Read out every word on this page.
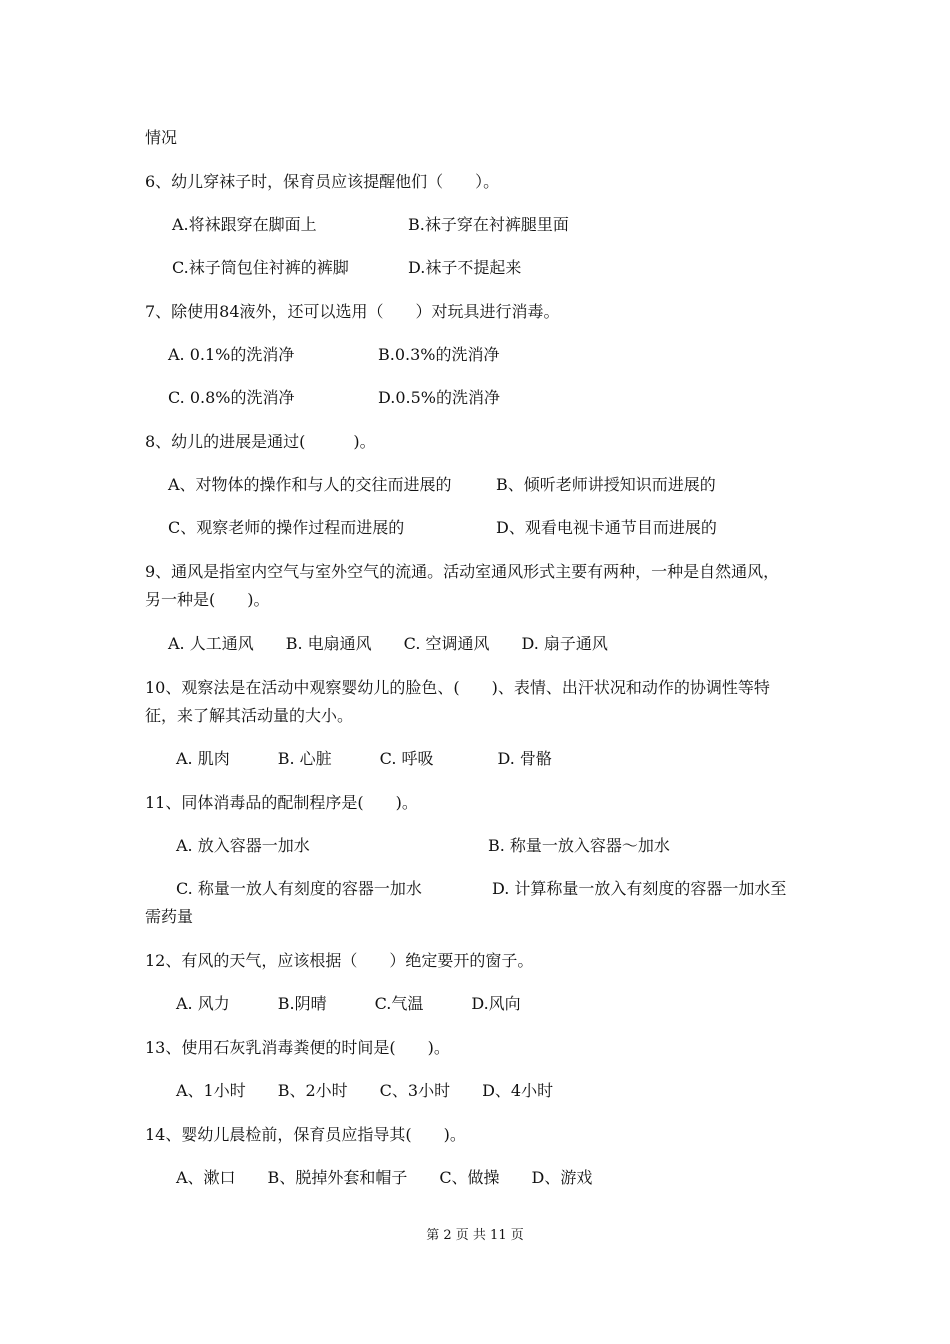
情况
6、幼儿穿袜子时，保育员应该提醒他们（　　）。
A.将袜跟穿在脚面上	B.袜子穿在衬裤腿里面
C.袜子筒包住衬裤的裤脚	D.袜子不提起来
7、除使用84液外，还可以选用（　　）对玩具进行消毒。
A. 0.1%的洗消净	B.0.3%的洗消净
C. 0.8%的洗消净	D.0.5%的洗消净
8、幼儿的进展是通过(　　　)。
A、对物体的操作和与人的交往而进展的	B、倾听老师讲授知识而进展的
C、观察老师的操作过程而进展的	D、观看电视卡通节目而进展的
9、通风是指室内空气与室外空气的流通。活动室通风形式主要有两种，一种是自然通风，
另一种是(　　)。
A. 人工通风　　B. 电扇通风　　C. 空调通风　　D. 扇子通风
10、观察法是在活动中观察婴幼儿的脸色、(　　)、表情、出汗状况和动作的协调性等特
征，来了解其活动量的大小。
A. 肌肉　　　B. 心脏　　　C. 呼吸　　　　D. 骨骼
11、同体消毒品的配制程序是(　　)。
A. 放入容器一加水	B. 称量一放入容器～加水
C. 称量一放人有刻度的容器一加水	D. 计算称量一放入有刻度的容器一加水至
需药量
12、有风的天气，应该根据（　　）绝定要开的窗子。
A. 风力　　　B.阴晴　　　C.气温　　　D.风向
13、使用石灰乳消毒粪便的时间是(　　)。
A、1小时　　B、2小时　　C、3小时　　D、4小时
14、婴幼儿晨检前，保育员应指导其(　　)。
A、漱口　　B、脱掉外套和帽子　　C、做操　　D、游戏
第 2 页 共 11 页
